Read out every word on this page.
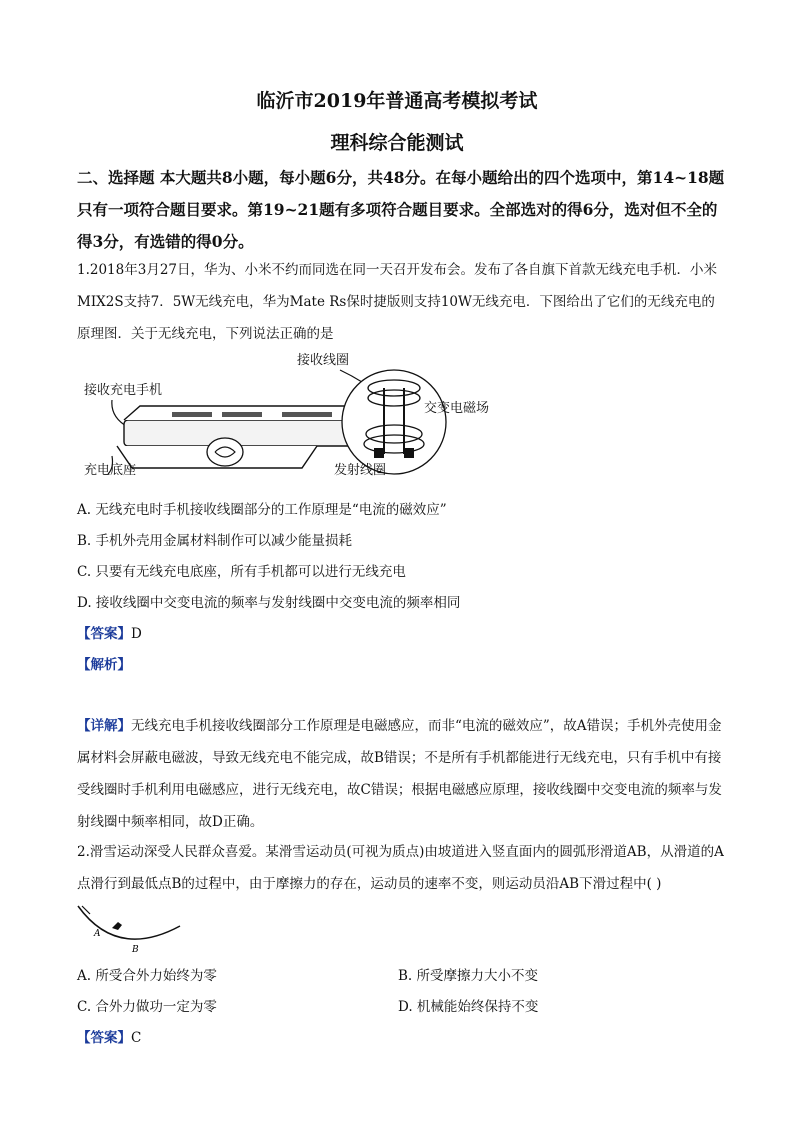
临沂市2019年普通高考模拟考试
理科综合能测试
二、选择题 本大题共8小题，每小题6分，共48分。在每小题给出的四个选项中，第14~18题只有一项符合题目要求。第19~21题有多项符合题目要求。全部选对的得6分，选对但不全的得3分，有选错的得0分。
1.2018年3月27日，华为、小米不约而同选在同一天召开发布会。发布了各自旗下首款无线充电手机．小米MIX2S支持7．5W无线充电，华为Mate Rs保时捷版则支持10W无线充电．下图给出了它们的无线充电的原理图．关于无线充电，下列说法正确的是
接收充电手机
充电底座
接收线圈
交变电磁场
发射线圈
A. 无线充电时手机接收线圈部分的工作原理是“电流的磁效应”
B. 手机外壳用金属材料制作可以减少能量损耗
C. 只要有无线充电底座，所有手机都可以进行无线充电
D. 接收线圈中交变电流的频率与发射线圈中交变电流的频率相同
【答案】D
【解析】
【详解】无线充电手机接收线圈部分工作原理是电磁感应，而非“电流的磁效应”，故A错误；手机外壳使用金属材料会屏蔽电磁波，导致无线充电不能完成，故B错误；不是所有手机都能进行无线充电，只有手机中有接受线圈时手机利用电磁感应，进行无线充电，故C错误；根据电磁感应原理，接收线圈中交变电流的频率与发射线圈中频率相同，故D正确。
2.滑雪运动深受人民群众喜爱。某滑雪运动员(可视为质点)由坡道进入竖直面内的圆弧形滑道AB，从滑道的A点滑行到最低点B的过程中，由于摩擦力的存在，运动员的速率不变，则运动员沿AB下滑过程中( )
A
B
A. 所受合外力始终为零	B. 所受摩擦力大小不变
C. 合外力做功一定为零	D. 机械能始终保持不变
【答案】C
